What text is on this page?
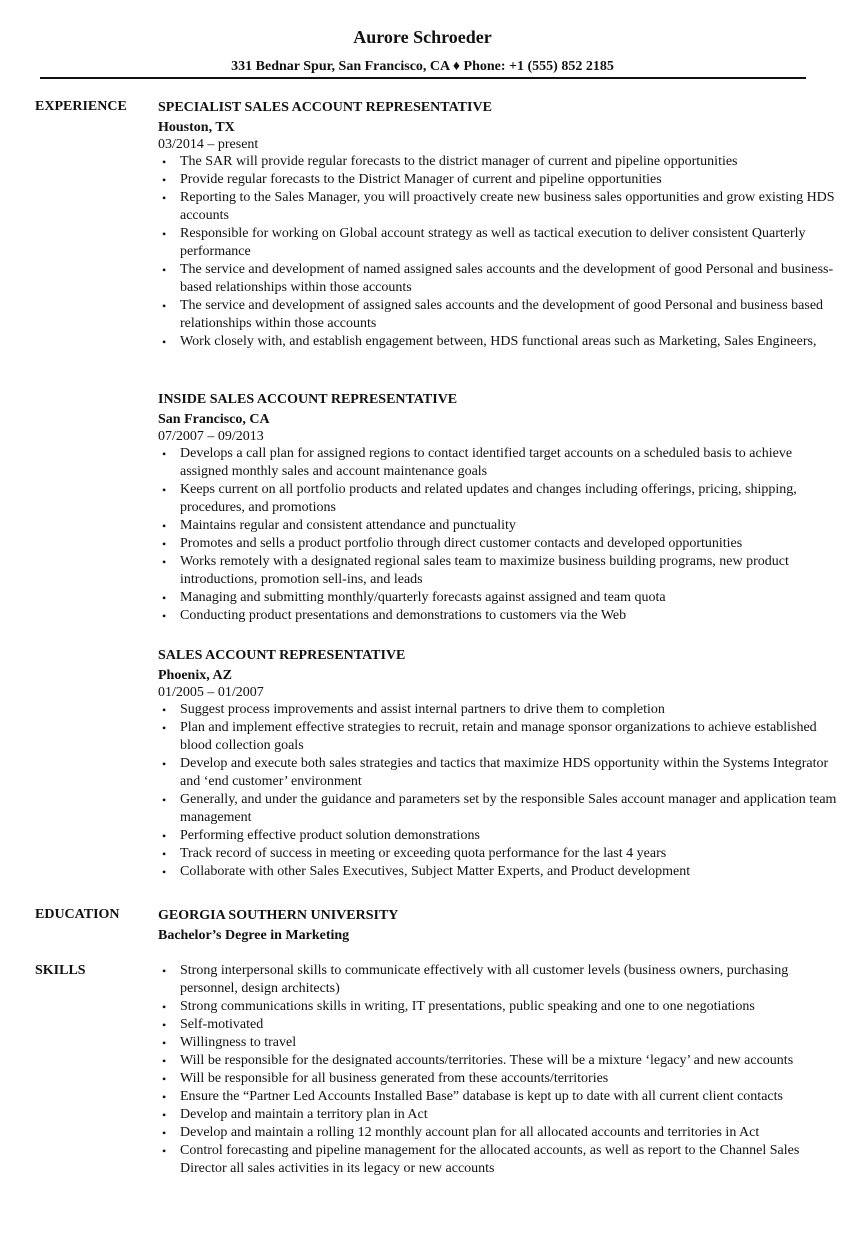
Aurore Schroeder
331 Bednar Spur, San Francisco, CA ♦ Phone: +1 (555) 852 2185
EXPERIENCE SPECIALIST SALES ACCOUNT REPRESENTATIVE
Houston, TX
03/2014 – present
• The SAR will provide regular forecasts to the district manager of current and pipeline opportunities
• Provide regular forecasts to the District Manager of current and pipeline opportunities
• Reporting to the Sales Manager, you will proactively create new business sales opportunities and grow existing HDS accounts
• Responsible for working on Global account strategy as well as tactical execution to deliver consistent Quarterly performance
• The service and development of named assigned sales accounts and the development of good Personal and business-based relationships within those accounts
• The service and development of assigned sales accounts and the development of good Personal and business based relationships within those accounts
• Work closely with, and establish engagement between, HDS functional areas such as Marketing, Sales Engineers,
INSIDE SALES ACCOUNT REPRESENTATIVE
San Francisco, CA
07/2007 – 09/2013
• Develops a call plan for assigned regions to contact identified target accounts on a scheduled basis to achieve assigned monthly sales and account maintenance goals
• Keeps current on all portfolio products and related updates and changes including offerings, pricing, shipping, procedures, and promotions
• Maintains regular and consistent attendance and punctuality
• Promotes and sells a product portfolio through direct customer contacts and developed opportunities
• Works remotely with a designated regional sales team to maximize business building programs, new product introductions, promotion sell-ins, and leads
• Managing and submitting monthly/quarterly forecasts against assigned and team quota
• Conducting product presentations and demonstrations to customers via the Web
SALES ACCOUNT REPRESENTATIVE
Phoenix, AZ
01/2005 – 01/2007
• Suggest process improvements and assist internal partners to drive them to completion
• Plan and implement effective strategies to recruit, retain and manage sponsor organizations to achieve established blood collection goals
• Develop and execute both sales strategies and tactics that maximize HDS opportunity within the Systems Integrator and ‘end customer’ environment
• Generally, and under the guidance and parameters set by the responsible Sales account manager and application team management
• Performing effective product solution demonstrations
• Track record of success in meeting or exceeding quota performance for the last 4 years
• Collaborate with other Sales Executives, Subject Matter Experts, and Product development
EDUCATION	GEORGIA SOUTHERN UNIVERSITY
Bachelor’s Degree in Marketing
SKILLS	• Strong interpersonal skills to communicate effectively with all customer levels (business owners, purchasing personnel, design architects)
• Strong communications skills in writing, IT presentations, public speaking and one to one negotiations
• Self-motivated
• Willingness to travel
• Will be responsible for the designated accounts/territories. These will be a mixture ‘legacy’ and new accounts
• Will be responsible for all business generated from these accounts/territories
• Ensure the “Partner Led Accounts Installed Base” database is kept up to date with all current client contacts
• Develop and maintain a territory plan in Act
• Develop and maintain a rolling 12 monthly account plan for all allocated accounts and territories in Act
• Control forecasting and pipeline management for the allocated accounts, as well as report to the Channel Sales Director all sales activities in its legacy or new accounts
